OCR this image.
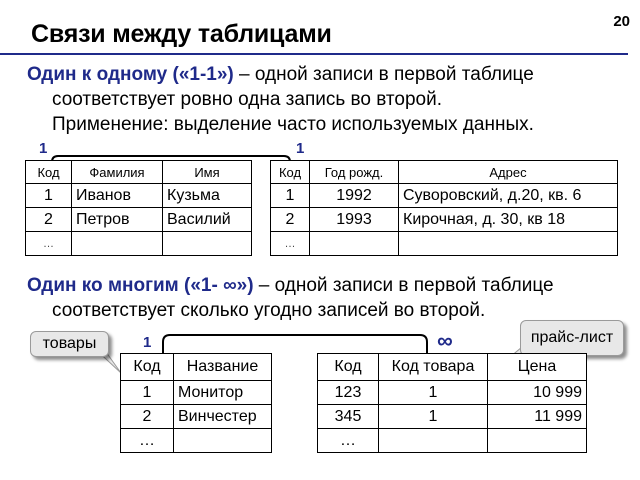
20
Связи между таблицами
Один к одному («1-1») – одной записи в первой таблице
соответствует ровно одна запись во второй.
Применение: выделение часто используемых данных.
1	1
Код	Фамилия	Имя
1	Иванов	Кузьма
2	Петров	Василий
…		
Код	Год рожд.	Адрес
1	1992	Суворовский, д.20, кв. 6
2	1993	Кирочная, д. 30, кв 18
…		
Один ко многим («1- ∞») – одной записи в первой таблице
соответствует сколько угодно записей во второй.
1	∞
товары	прайс-лист
Код	Название
1	Монитор
2	Винчестер
…	
Код	Код товара	Цена
123	1	10 999
345	1	11 999
…		
